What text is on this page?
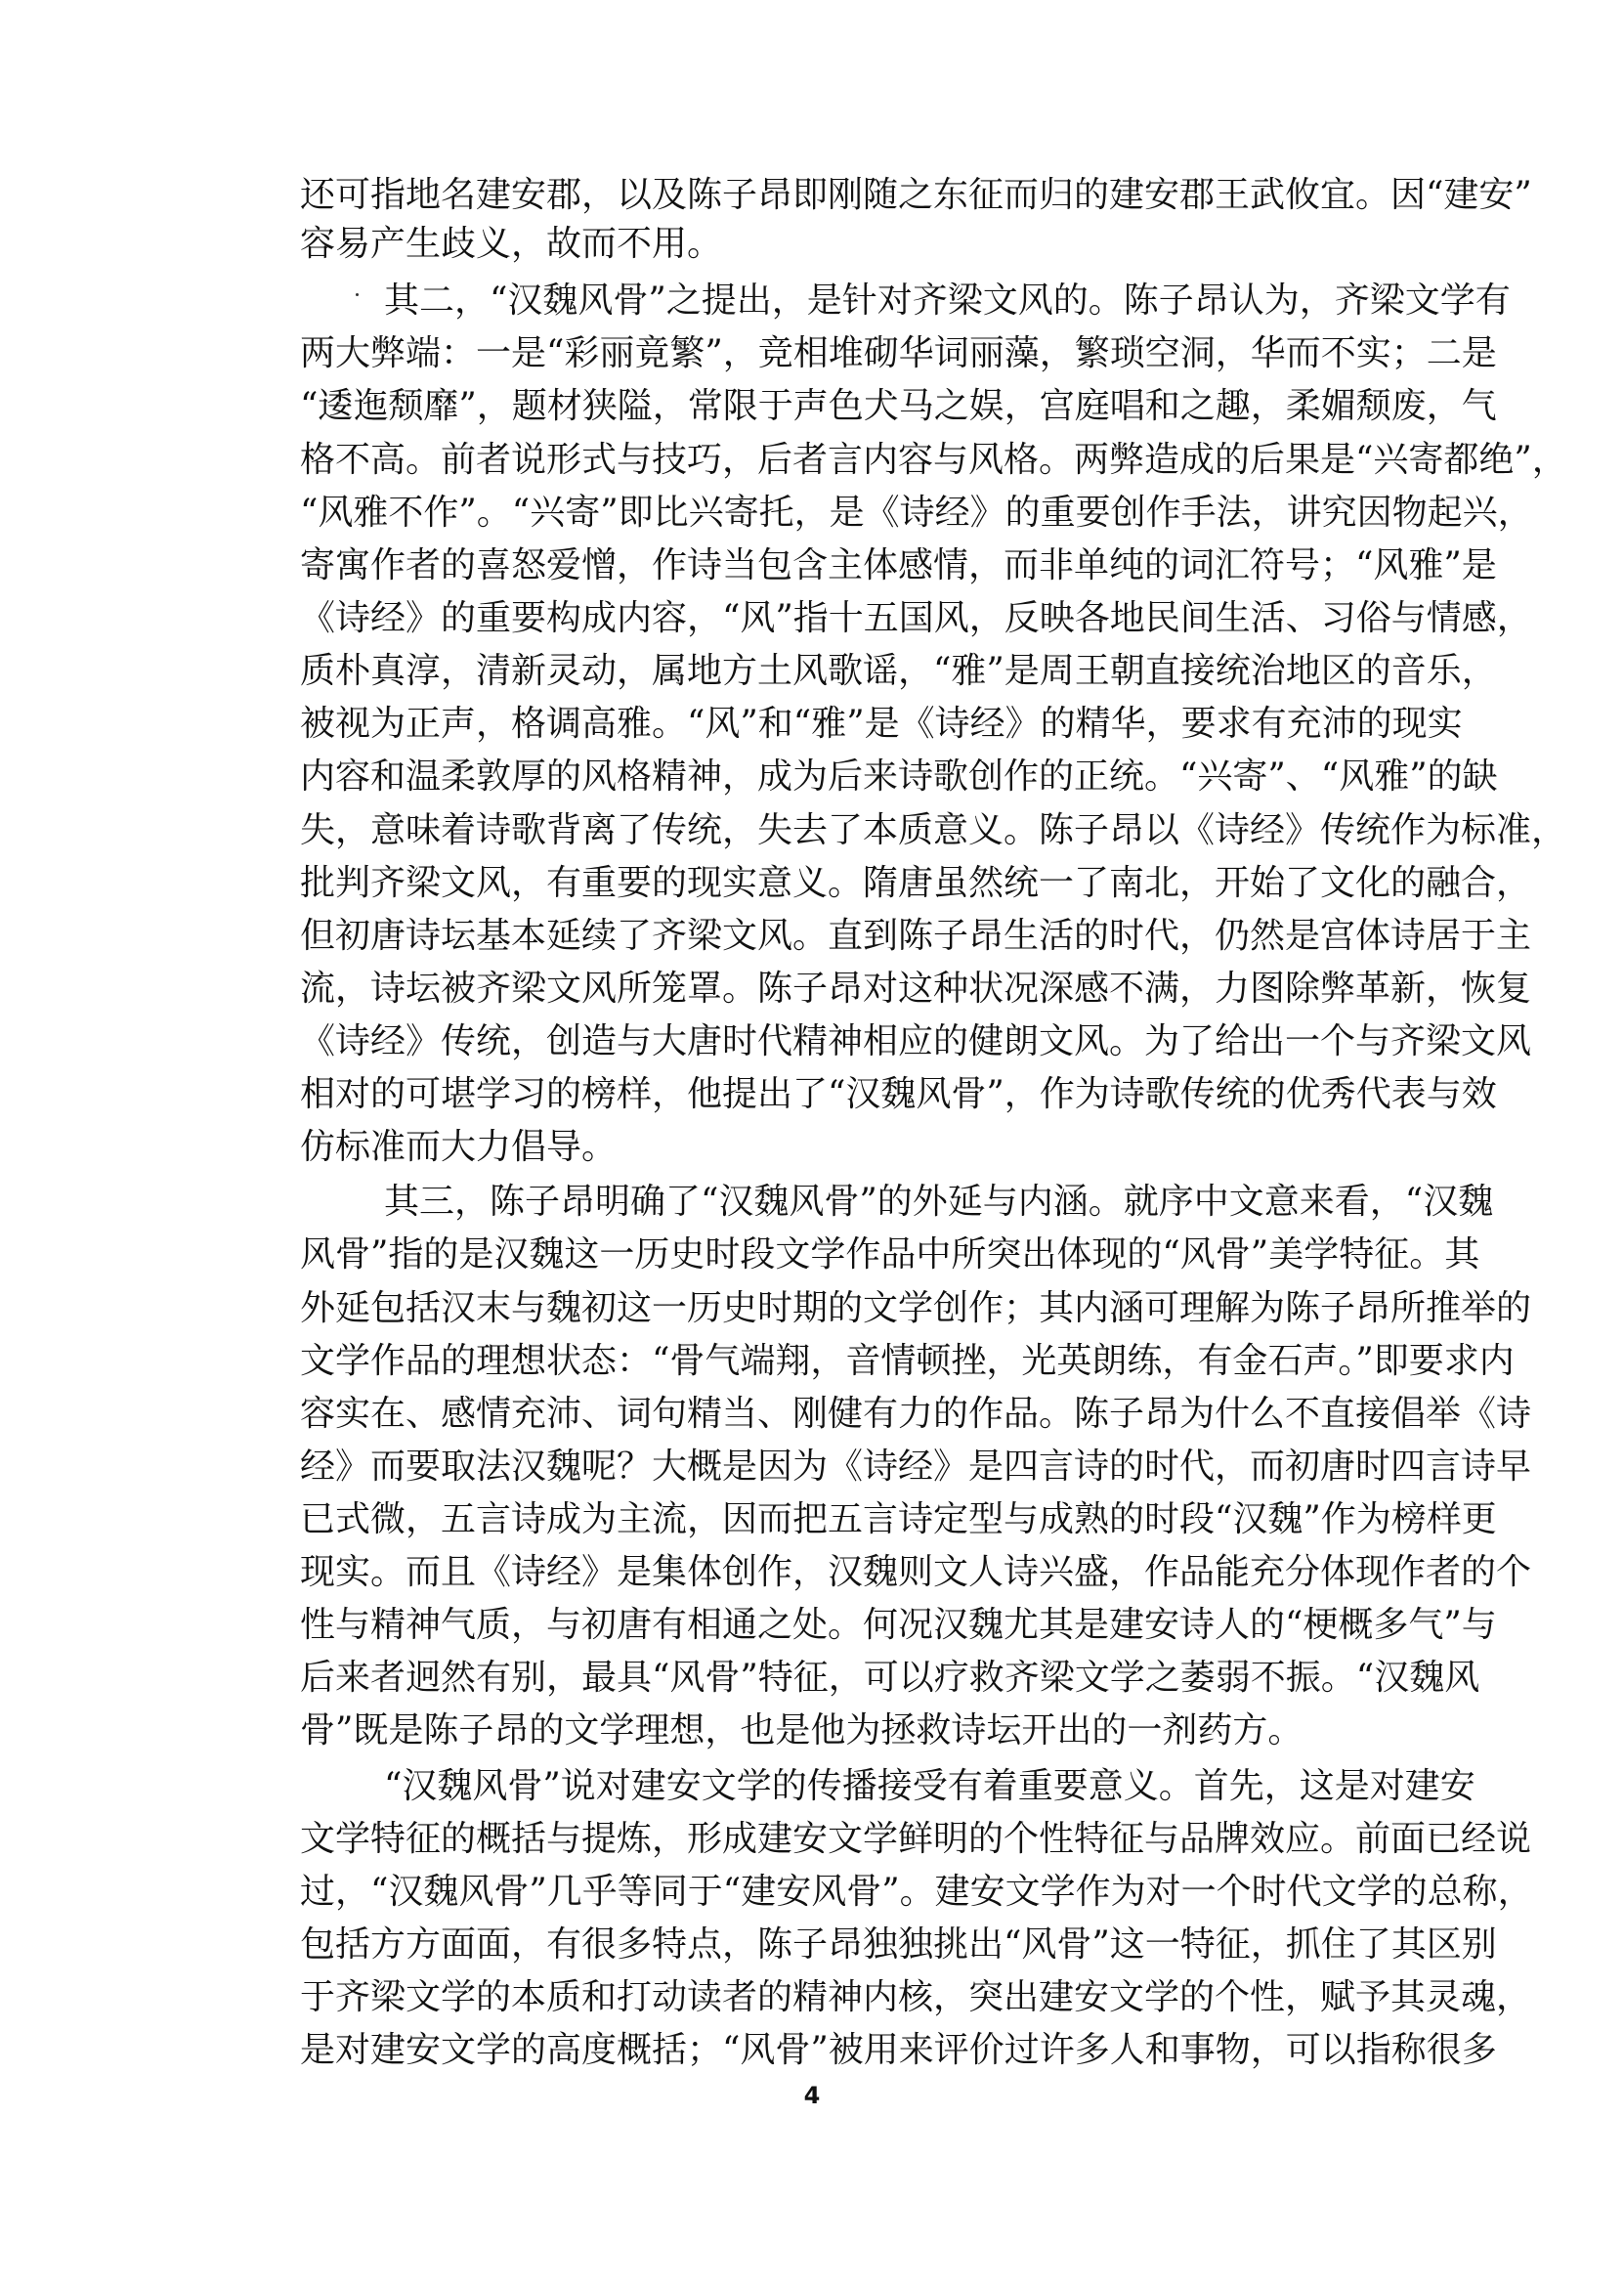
还可指地名建安郡，以及陈子昂即刚随之东征而归的建安郡王武攸宜。因“建安”
容易产生歧义，故而不用。
其二，“汉魏风骨”之提出，是针对齐梁文风的。陈子昂认为，齐梁文学有
两大弊端：一是“彩丽竟繁”，竞相堆砌华词丽藻，繁琐空洞，华而不实；二是
“逶迤颓靡”，题材狭隘，常限于声色犬马之娱，宫庭唱和之趣，柔媚颓废，气
格不高。前者说形式与技巧，后者言内容与风格。两弊造成的后果是“兴寄都绝”，
“风雅不作”。“兴寄”即比兴寄托，是《诗经》的重要创作手法，讲究因物起兴，
寄寓作者的喜怒爱憎，作诗当包含主体感情，而非单纯的词汇符号；“风雅”是
《诗经》的重要构成内容，“风”指十五国风，反映各地民间生活、习俗与情感，
质朴真淳，清新灵动，属地方土风歌谣，“雅”是周王朝直接统治地区的音乐，
被视为正声，格调高雅。“风”和“雅”是《诗经》的精华，要求有充沛的现实
内容和温柔敦厚的风格精神，成为后来诗歌创作的正统。“兴寄”、“风雅”的缺
失，意味着诗歌背离了传统，失去了本质意义。陈子昂以《诗经》传统作为标准，
批判齐梁文风，有重要的现实意义。隋唐虽然统一了南北，开始了文化的融合，
但初唐诗坛基本延续了齐梁文风。直到陈子昂生活的时代，仍然是宫体诗居于主
流，诗坛被齐梁文风所笼罩。陈子昂对这种状况深感不满，力图除弊革新，恢复
《诗经》传统，创造与大唐时代精神相应的健朗文风。为了给出一个与齐梁文风
相对的可堪学习的榜样，他提出了“汉魏风骨”，作为诗歌传统的优秀代表与效
仿标准而大力倡导。
其三，陈子昂明确了“汉魏风骨”的外延与内涵。就序中文意来看，“汉魏
风骨”指的是汉魏这一历史时段文学作品中所突出体现的“风骨”美学特征。其
外延包括汉末与魏初这一历史时期的文学创作；其内涵可理解为陈子昂所推举的
文学作品的理想状态：“骨气端翔，音情顿挫，光英朗练，有金石声。”即要求内
容实在、感情充沛、词句精当、刚健有力的作品。陈子昂为什么不直接倡举《诗
经》而要取法汉魏呢？大概是因为《诗经》是四言诗的时代，而初唐时四言诗早
已式微，五言诗成为主流，因而把五言诗定型与成熟的时段“汉魏”作为榜样更
现实。而且《诗经》是集体创作，汉魏则文人诗兴盛，作品能充分体现作者的个
性与精神气质，与初唐有相通之处。何况汉魏尤其是建安诗人的“梗概多气”与
后来者迥然有别，最具“风骨”特征，可以疗救齐梁文学之萎弱不振。“汉魏风
骨”既是陈子昂的文学理想，也是他为拯救诗坛开出的一剂药方。
“汉魏风骨”说对建安文学的传播接受有着重要意义。首先，这是对建安
文学特征的概括与提炼，形成建安文学鲜明的个性特征与品牌效应。前面已经说
过，“汉魏风骨”几乎等同于“建安风骨”。建安文学作为对一个时代文学的总称，
包括方方面面，有很多特点，陈子昂独独挑出“风骨”这一特征，抓住了其区别
于齐梁文学的本质和打动读者的精神内核，突出建安文学的个性，赋予其灵魂，
是对建安文学的高度概括；“风骨”被用来评价过许多人和事物，可以指称很多
4
